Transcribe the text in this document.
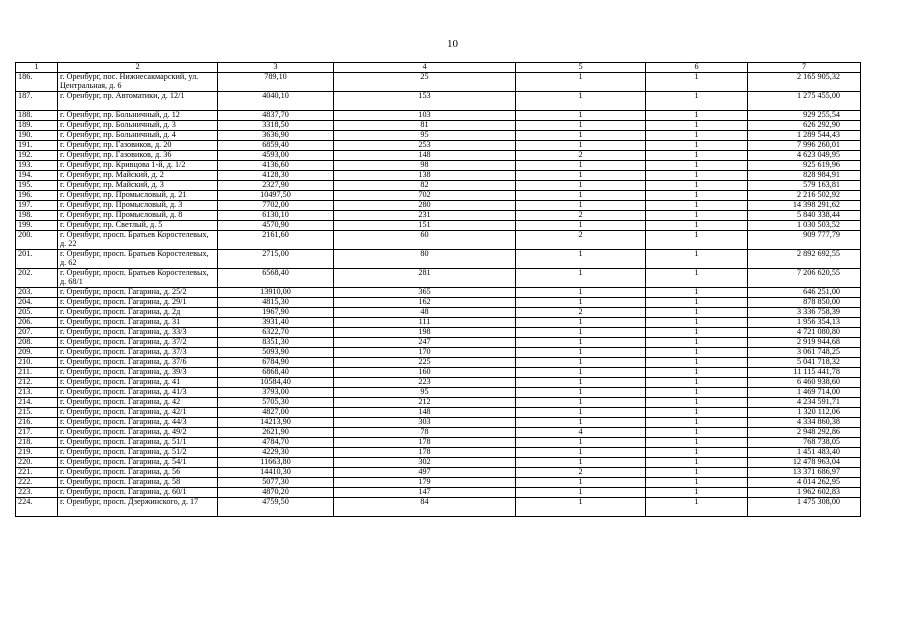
10
1	2	3	4	5	6	7
186.	г. Оренбург, пос. Нижнесакмарский, ул. Центральная, д. 6	789,10	25	1	1	2 165 905,32
187.	г. Оренбург, пр. Автоматики, д. 12/1	4040,10	153	1	1	1 275 455,00
188.	г. Оренбург, пр. Больничный, д. 12	4837,70	103	1	1	929 255,54
189.	г. Оренбург, пр. Больничный, д. 3	3318,50	81	1	1	626 292,90
190.	г. Оренбург, пр. Больничный, д. 4	3636,90	95	1	1	1 289 544,43
191.	г. Оренбург, пр. Газовиков, д. 20	6859,40	253	1	1	7 996 260,01
192.	г. Оренбург, пр. Газовиков, д. 36	4593,00	148	2	1	4 623 049,95
193.	г. Оренбург, пр. Кривцова 1-й, д. 1/2	4136,60	98	1	1	925 619,96
194.	г. Оренбург, пр. Майский, д. 2	4128,30	138	1	1	828 984,91
195.	г. Оренбург, пр. Майский, д. 3	2327,90	82	1	1	579 163,81
196.	г. Оренбург, пр. Промысловый, д. 21	10497,50	702	1	1	2 216 502,92
197.	г. Оренбург, пр. Промысловый, д. 3	7702,00	280	1	1	14 398 291,62
198.	г. Оренбург, пр. Промысловый, д. 8	6130,10	231	2	1	5 840 338,44
199.	г. Оренбург, пр. Светлый, д. 5	4570,90	151	1	1	1 030 503,52
200.	г. Оренбург, просп. Братьев Коростелевых, д. 22	2161,60	60	2	1	909 777,79
201.	г. Оренбург, просп. Братьев Коростелевых, д. 62	2715,00	80	1	1	2 892 692,55
202.	г. Оренбург, просп. Братьев Коростелевых, д. 68/1	6568,40	281	1	1	7 206 620,55
203.	г. Оренбург, просп. Гагарина, д. 25/2	13910,00	365	1	1	646 251,00
204.	г. Оренбург, просп. Гагарина, д. 29/1	4815,30	162	1	1	878 850,00
205.	г. Оренбург, просп. Гагарина, д. 2д	1967,90	48	2	1	3 336 758,39
206.	г. Оренбург, просп. Гагарина, д. 31	3931,40	111	1	1	1 956 354,13
207.	г. Оренбург, просп. Гагарина, д. 33/3	6322,70	198	1	1	4 721 080,80
208.	г. Оренбург, просп. Гагарина, д. 37/2	8351,30	247	1	1	2 919 944,68
209.	г. Оренбург, просп. Гагарина, д. 37/3	5093,90	170	1	1	3 061 748,25
210.	г. Оренбург, просп. Гагарина, д. 37/6	6784,90	225	1	1	5 041 718,32
211.	г. Оренбург, просп. Гагарина, д. 39/3	6868,40	160	1	1	11 115 441,78
212.	г. Оренбург, просп. Гагарина, д. 41	10584,40	223	1	1	6 460 938,60
213.	г. Оренбург, просп. Гагарина, д. 41/3	3793,00	95	1	1	1 469 714,00
214.	г. Оренбург, просп. Гагарина, д. 42	5705,30	212	1	1	4 234 591,71
215.	г. Оренбург, просп. Гагарина, д. 42/1	4827,00	148	1	1	1 320 112,06
216.	г. Оренбург, просп. Гагарина, д. 44/3	14213,90	303	1	1	4 334 860,38
217.	г. Оренбург, просп. Гагарина, д. 49/2	2621,90	78	4	1	2 948 292,86
218.	г. Оренбург, просп. Гагарина, д. 51/1	4784,70	178	1	1	768 738,05
219.	г. Оренбург, просп. Гагарина, д. 51/2	4229,30	178	1	1	1 451 483,40
220.	г. Оренбург, просп. Гагарина, д. 54/1	11663,80	302	1	1	12 478 963,04
221.	г. Оренбург, просп. Гагарина, д. 56	14410,30	497	2	1	13 371 686,97
222.	г. Оренбург, просп. Гагарина, д. 58	5077,30	179	1	1	4 014 262,95
223.	г. Оренбург, просп. Гагарина, д. 60/1	4870,20	147	1	1	1 962 602,83
224.	г. Оренбург, просп. Дзержинского, д. 17	4759,50	84	1	1	1 475 308,00
